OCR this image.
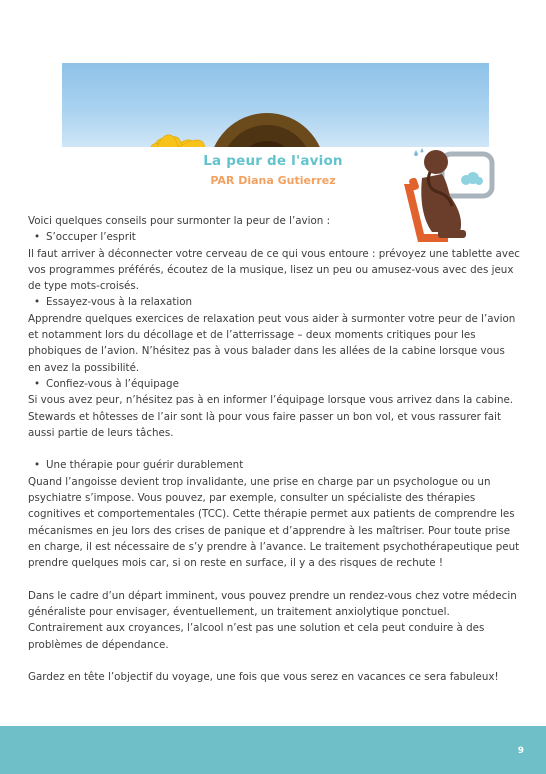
La peur de l'avion
PAR Diana Gutierrez

Voici quelques conseils pour surmonter la peur de l’avion :

• S’occuper l’esprit

Il faut arriver à déconnecter votre cerveau de ce qui vous entoure : prévoyez une tablette avec vos programmes préférés, écoutez de la musique, lisez un peu ou amusez-vous avec des jeux de type mots-croisés.

• Essayez-vous à la relaxation

Apprendre quelques exercices de relaxation peut vous aider à surmonter votre peur de l’avion et notamment lors du décollage et de l’atterrissage – deux moments critiques pour les phobiques de l’avion. N’hésitez pas à vous balader dans les allées de la cabine lorsque vous en avez la possibilité.

• Confiez-vous à l’équipage

Si vous avez peur, n’hésitez pas à en informer l’équipage lorsque vous arrivez dans la cabine. Stewards et hôtesses de l’air sont là pour vous faire passer un bon vol, et vous rassurer fait aussi partie de leurs tâches.

• Une thérapie pour guérir durablement

Quand l’angoisse devient trop invalidante, une prise en charge par un psychologue ou un psychiatre s’impose. Vous pouvez, par exemple, consulter un spécialiste des thérapies cognitives et comportementales (TCC). Cette thérapie permet aux patients de comprendre les mécanismes en jeu lors des crises de panique et d’apprendre à les maîtriser. Pour toute prise en charge, il est nécessaire de s’y prendre à l’avance. Le traitement psychothérapeutique peut prendre quelques mois car, si on reste en surface, il y a des risques de rechute !

Dans le cadre d’un départ imminent, vous pouvez prendre un rendez-vous chez votre médecin généraliste pour envisager, éventuellement, un traitement anxiolytique ponctuel. Contrairement aux croyances, l’alcool n’est pas une solution et cela peut conduire à des problèmes de dépendance.

Gardez en tête l’objectif du voyage, une fois que vous serez en vacances ce sera fabuleux!

9
